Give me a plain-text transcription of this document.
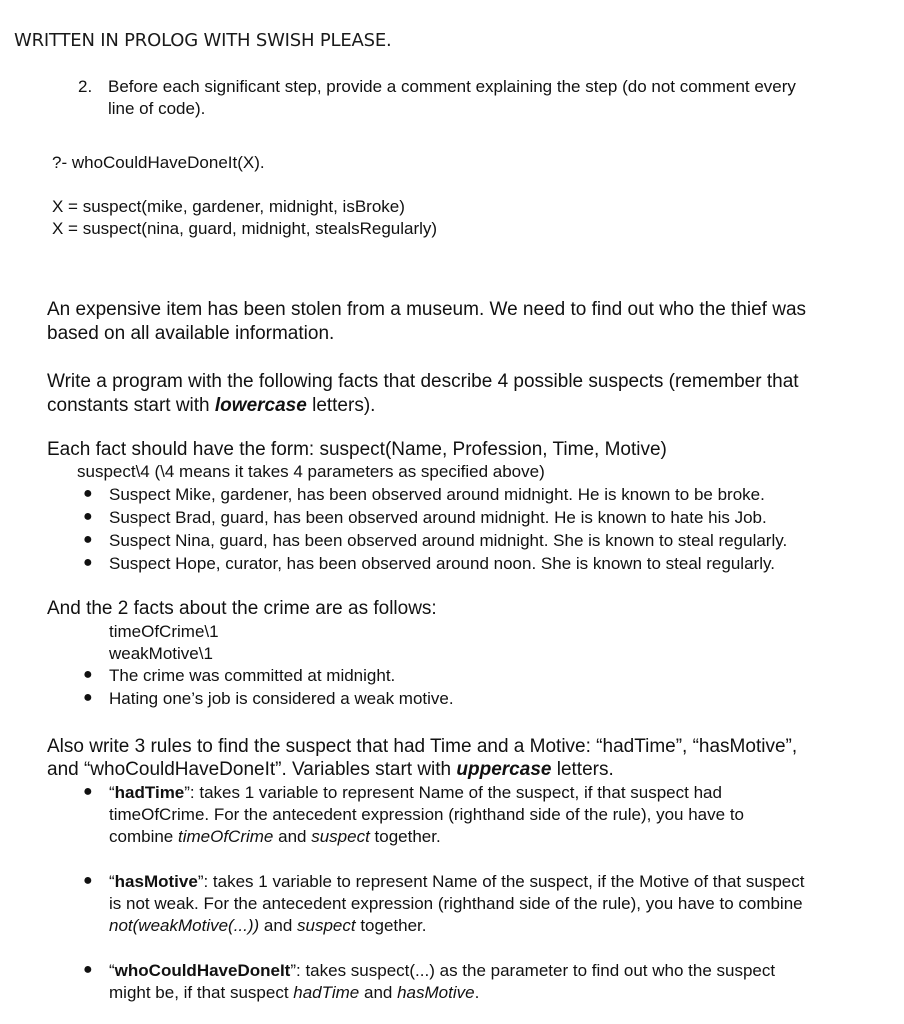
WRITTEN IN PROLOG WITH SWISH PLEASE.
2. Before each significant step, provide a comment explaining the step (do not comment every
line of code).
?- whoCouldHaveDoneIt(X).
X = suspect(mike, gardener, midnight, isBroke)
X = suspect(nina, guard, midnight, stealsRegularly)
An expensive item has been stolen from a museum. We need to find out who the thief was
based on all available information.
Write a program with the following facts that describe 4 possible suspects (remember that
constants start with lowercase letters).
Each fact should have the form: suspect(Name, Profession, Time, Motive)
suspect\4 (\4 means it takes 4 parameters as specified above)
● Suspect Mike, gardener, has been observed around midnight. He is known to be broke.
● Suspect Brad, guard, has been observed around midnight. He is known to hate his Job.
● Suspect Nina, guard, has been observed around midnight. She is known to steal regularly.
● Suspect Hope, curator, has been observed around noon. She is known to steal regularly.
And the 2 facts about the crime are as follows:
timeOfCrime\1
weakMotive\1
● The crime was committed at midnight.
● Hating one’s job is considered a weak motive.
Also write 3 rules to find the suspect that had Time and a Motive: “hadTime”, “hasMotive”,
and “whoCouldHaveDoneIt”. Variables start with uppercase letters.
● “hadTime”: takes 1 variable to represent Name of the suspect, if that suspect had
timeOfCrime. For the antecedent expression (righthand side of the rule), you have to
combine timeOfCrime and suspect together.
● “hasMotive”: takes 1 variable to represent Name of the suspect, if the Motive of that suspect
is not weak. For the antecedent expression (righthand side of the rule), you have to combine
not(weakMotive(...)) and suspect together.
● “whoCouldHaveDoneIt”: takes suspect(...) as the parameter to find out who the suspect
might be, if that suspect hadTime and hasMotive.
